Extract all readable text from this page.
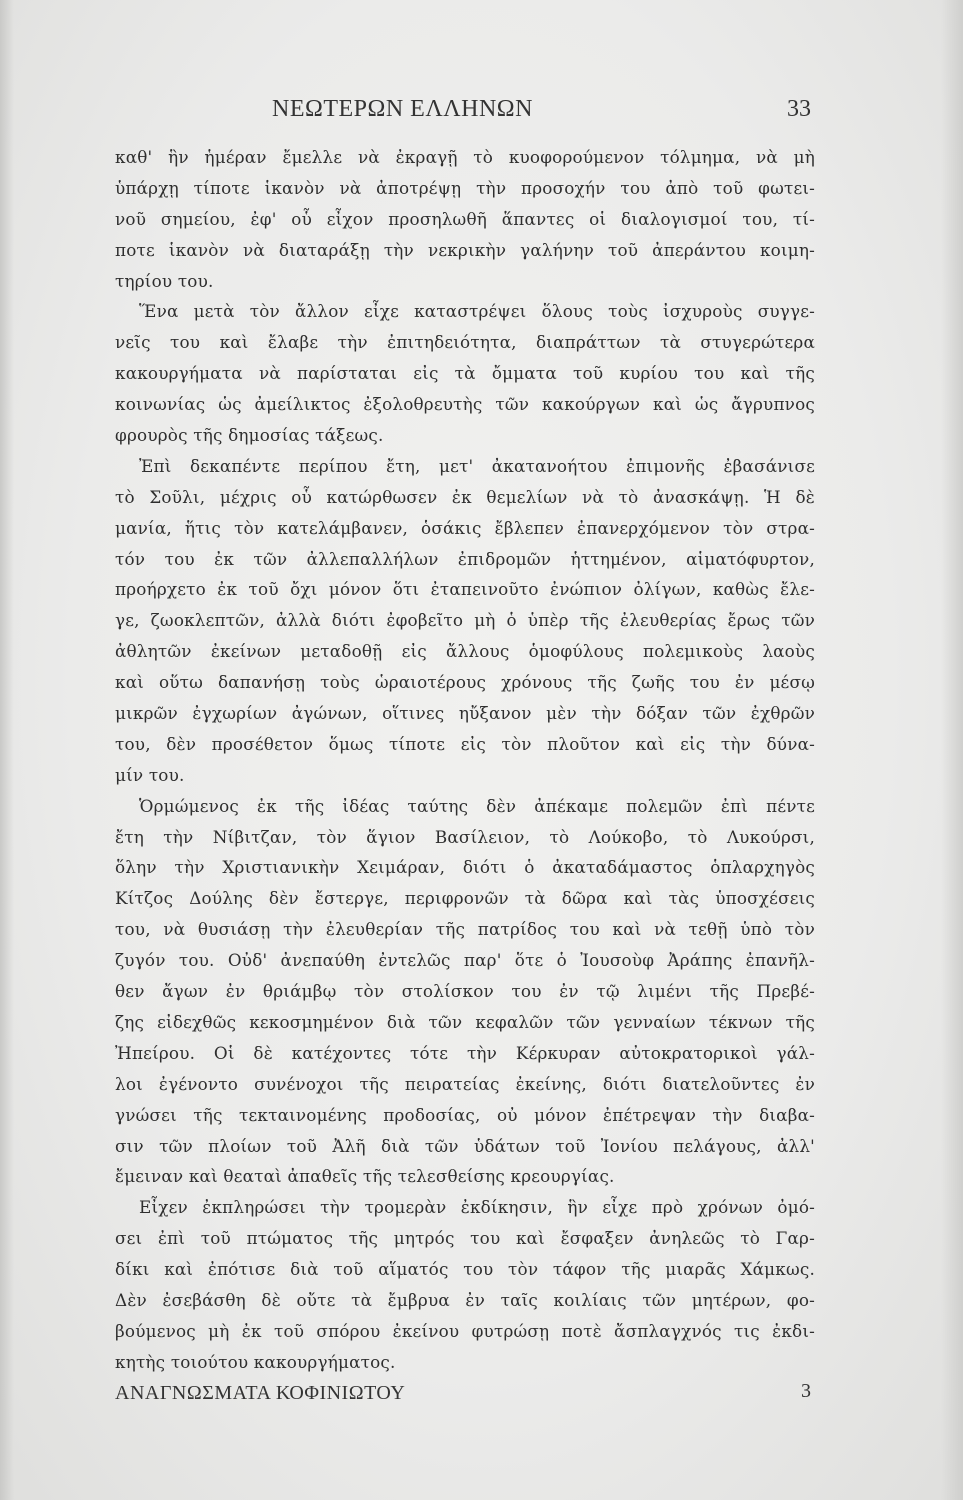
ΝΕΩΤΕΡΩΝ ΕΛΛΗΝΩΝ	33
καθ' ἣν ἡμέραν ἔμελλε νὰ ἐκραγῇ τὸ κυοφορούμενον τόλμημα, νὰ μὴ
ὑπάρχῃ τίποτε ἱκανὸν νὰ ἀποτρέψῃ τὴν προσοχήν του ἀπὸ τοῦ φωτει-
νοῦ σημείου, ἐφ' οὗ εἶχον προσηλωθῆ ἅπαντες οἱ διαλογισμοί του, τί-
ποτε ἱκανὸν νὰ διαταράξῃ τὴν νεκρικὴν γαλήνην τοῦ ἀπεράντου κοιμη-
τηρίου του.
Ἕνα μετὰ τὸν ἄλλον εἶχε καταστρέψει ὅλους τοὺς ἰσχυροὺς συγγε-
νεῖς του καὶ ἔλαβε τὴν ἐπιτηδειότητα, διαπράττων τὰ στυγερώτερα
κακουργήματα νὰ παρίσταται εἰς τὰ ὄμματα τοῦ κυρίου του καὶ τῆς
κοινωνίας ὡς ἀμείλικτος ἐξολοθρευτὴς τῶν κακούργων καὶ ὡς ἄγρυπνος
φρουρὸς τῆς δημοσίας τάξεως.
Ἐπὶ δεκαπέντε περίπου ἔτη, μετ' ἀκατανοήτου ἐπιμονῆς ἐβασάνισε
τὸ Σοῦλι, μέχρις οὗ κατώρθωσεν ἐκ θεμελίων νὰ τὸ ἀνασκάψῃ. Ἡ δὲ
μανία, ἥτις τὸν κατελάμβανεν, ὁσάκις ἔβλεπεν ἐπανερχόμενον τὸν στρα-
τόν του ἐκ τῶν ἀλλεπαλλήλων ἐπιδρομῶν ἡττημένον, αἱματόφυρτον,
προήρχετο ἐκ τοῦ ὄχι μόνον ὅτι ἐταπεινοῦτο ἐνώπιον ὀλίγων, καθὼς ἔλε-
γε, ζωοκλεπτῶν, ἀλλὰ διότι ἐφοβεῖτο μὴ ὁ ὑπὲρ τῆς ἐλευθερίας ἔρως τῶν
ἀθλητῶν ἐκείνων μεταδοθῇ εἰς ἄλλους ὁμοφύλους πολεμικοὺς λαοὺς
καὶ οὕτω δαπανήσῃ τοὺς ὡραιοτέρους χρόνους τῆς ζωῆς του ἐν μέσῳ
μικρῶν ἐγχωρίων ἀγώνων, οἵτινες ηὔξανον μὲν τὴν δόξαν τῶν ἐχθρῶν
του, δὲν προσέθετον ὅμως τίποτε εἰς τὸν πλοῦτον καὶ εἰς τὴν δύνα-
μίν του.
Ὁρμώμενος ἐκ τῆς ἰδέας ταύτης δὲν ἀπέκαμε πολεμῶν ἐπὶ πέντε
ἔτη τὴν Νίβιτζαν, τὸν ἅγιον Βασίλειον, τὸ Λούκοβο, τὸ Λυκούρσι,
ὅλην τὴν Χριστιανικὴν Χειμάραν, διότι ὁ ἀκαταδάμαστος ὁπλαρχηγὸς
Κίτζος Δούλης δὲν ἔστεργε, περιφρονῶν τὰ δῶρα καὶ τὰς ὑποσχέσεις
του, νὰ θυσιάσῃ τὴν ἐλευθερίαν τῆς πατρίδος του καὶ νὰ τεθῇ ὑπὸ τὸν
ζυγόν του. Οὐδ' ἀνεπαύθη ἐντελῶς παρ' ὅτε ὁ Ἰουσοὺφ Ἀράπης ἐπανῆλ-
θεν ἄγων ἐν θριάμβῳ τὸν στολίσκον του ἐν τῷ λιμένι τῆς Πρεβέ-
ζης εἰδεχθῶς κεκοσμημένον διὰ τῶν κεφαλῶν τῶν γενναίων τέκνων τῆς
Ἠπείρου. Οἱ δὲ κατέχοντες τότε τὴν Κέρκυραν αὐτοκρατορικοὶ γάλ-
λοι ἐγένοντο συνένοχοι τῆς πειρατείας ἐκείνης, διότι διατελοῦντες ἐν
γνώσει τῆς τεκταινομένης προδοσίας, οὐ μόνον ἐπέτρεψαν τὴν διαβα-
σιν τῶν πλοίων τοῦ Ἀλῆ διὰ τῶν ὑδάτων τοῦ Ἰονίου πελάγους, ἀλλ'
ἔμειναν καὶ θεαταὶ ἀπαθεῖς τῆς τελεσθείσης κρεουργίας.
Εἶχεν ἐκπληρώσει τὴν τρομερὰν ἐκδίκησιν, ἣν εἶχε πρὸ χρόνων ὀμό-
σει ἐπὶ τοῦ πτώματος τῆς μητρός του καὶ ἔσφαξεν ἀνηλεῶς τὸ Γαρ-
δίκι καὶ ἐπότισε διὰ τοῦ αἵματός του τὸν τάφον τῆς μιαρᾶς Χάμκως.
Δὲν ἐσεβάσθη δὲ οὔτε τὰ ἔμβρυα ἐν ταῖς κοιλίαις τῶν μητέρων, φο-
βούμενος μὴ ἐκ τοῦ σπόρου ἐκείνου φυτρώσῃ ποτὲ ἄσπλαγχνός τις ἐκδι-
κητὴς τοιούτου κακουργήματος.
ΑΝΑΓΝΩΣΜΑΤΑ ΚΟΦΙΝΙΩΤΟΥ	3
